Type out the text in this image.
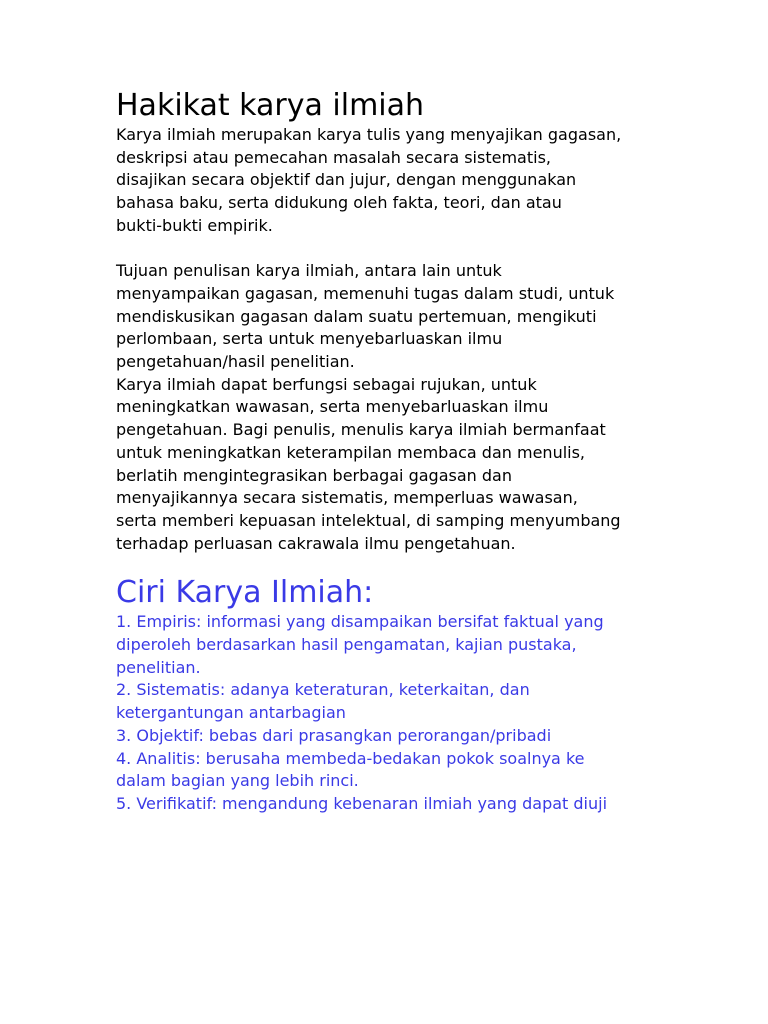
Hakikat karya ilmiah

Karya ilmiah merupakan karya tulis yang menyajikan gagasan,
deskripsi atau pemecahan masalah secara sistematis,
disajikan secara objektif dan jujur, dengan menggunakan
bahasa baku, serta didukung oleh fakta, teori, dan atau
bukti-bukti empirik.

Tujuan penulisan karya ilmiah, antara lain untuk
menyampaikan gagasan, memenuhi tugas dalam studi, untuk
mendiskusikan gagasan dalam suatu pertemuan, mengikuti
perlombaan, serta untuk menyebarluaskan ilmu
pengetahuan/hasil penelitian.

Karya ilmiah dapat berfungsi sebagai rujukan, untuk
meningkatkan wawasan, serta menyebarluaskan ilmu
pengetahuan. Bagi penulis, menulis karya ilmiah bermanfaat
untuk meningkatkan keterampilan membaca dan menulis,
berlatih mengintegrasikan berbagai gagasan dan
menyajikannya secara sistematis, memperluas wawasan,
serta memberi kepuasan intelektual, di samping menyumbang
terhadap perluasan cakrawala ilmu pengetahuan.

Ciri Karya Ilmiah:
1. Empiris: informasi yang disampaikan bersifat faktual yang
diperoleh berdasarkan hasil pengamatan, kajian pustaka,
penelitian.
2. Sistematis: adanya keteraturan, keterkaitan, dan
ketergantungan antarbagian
3. Objektif: bebas dari prasangkan perorangan/pribadi
4. Analitis: berusaha membeda-bedakan pokok soalnya ke
dalam bagian yang lebih rinci.
5. Verifikatif: mengandung kebenaran ilmiah yang dapat diuji
